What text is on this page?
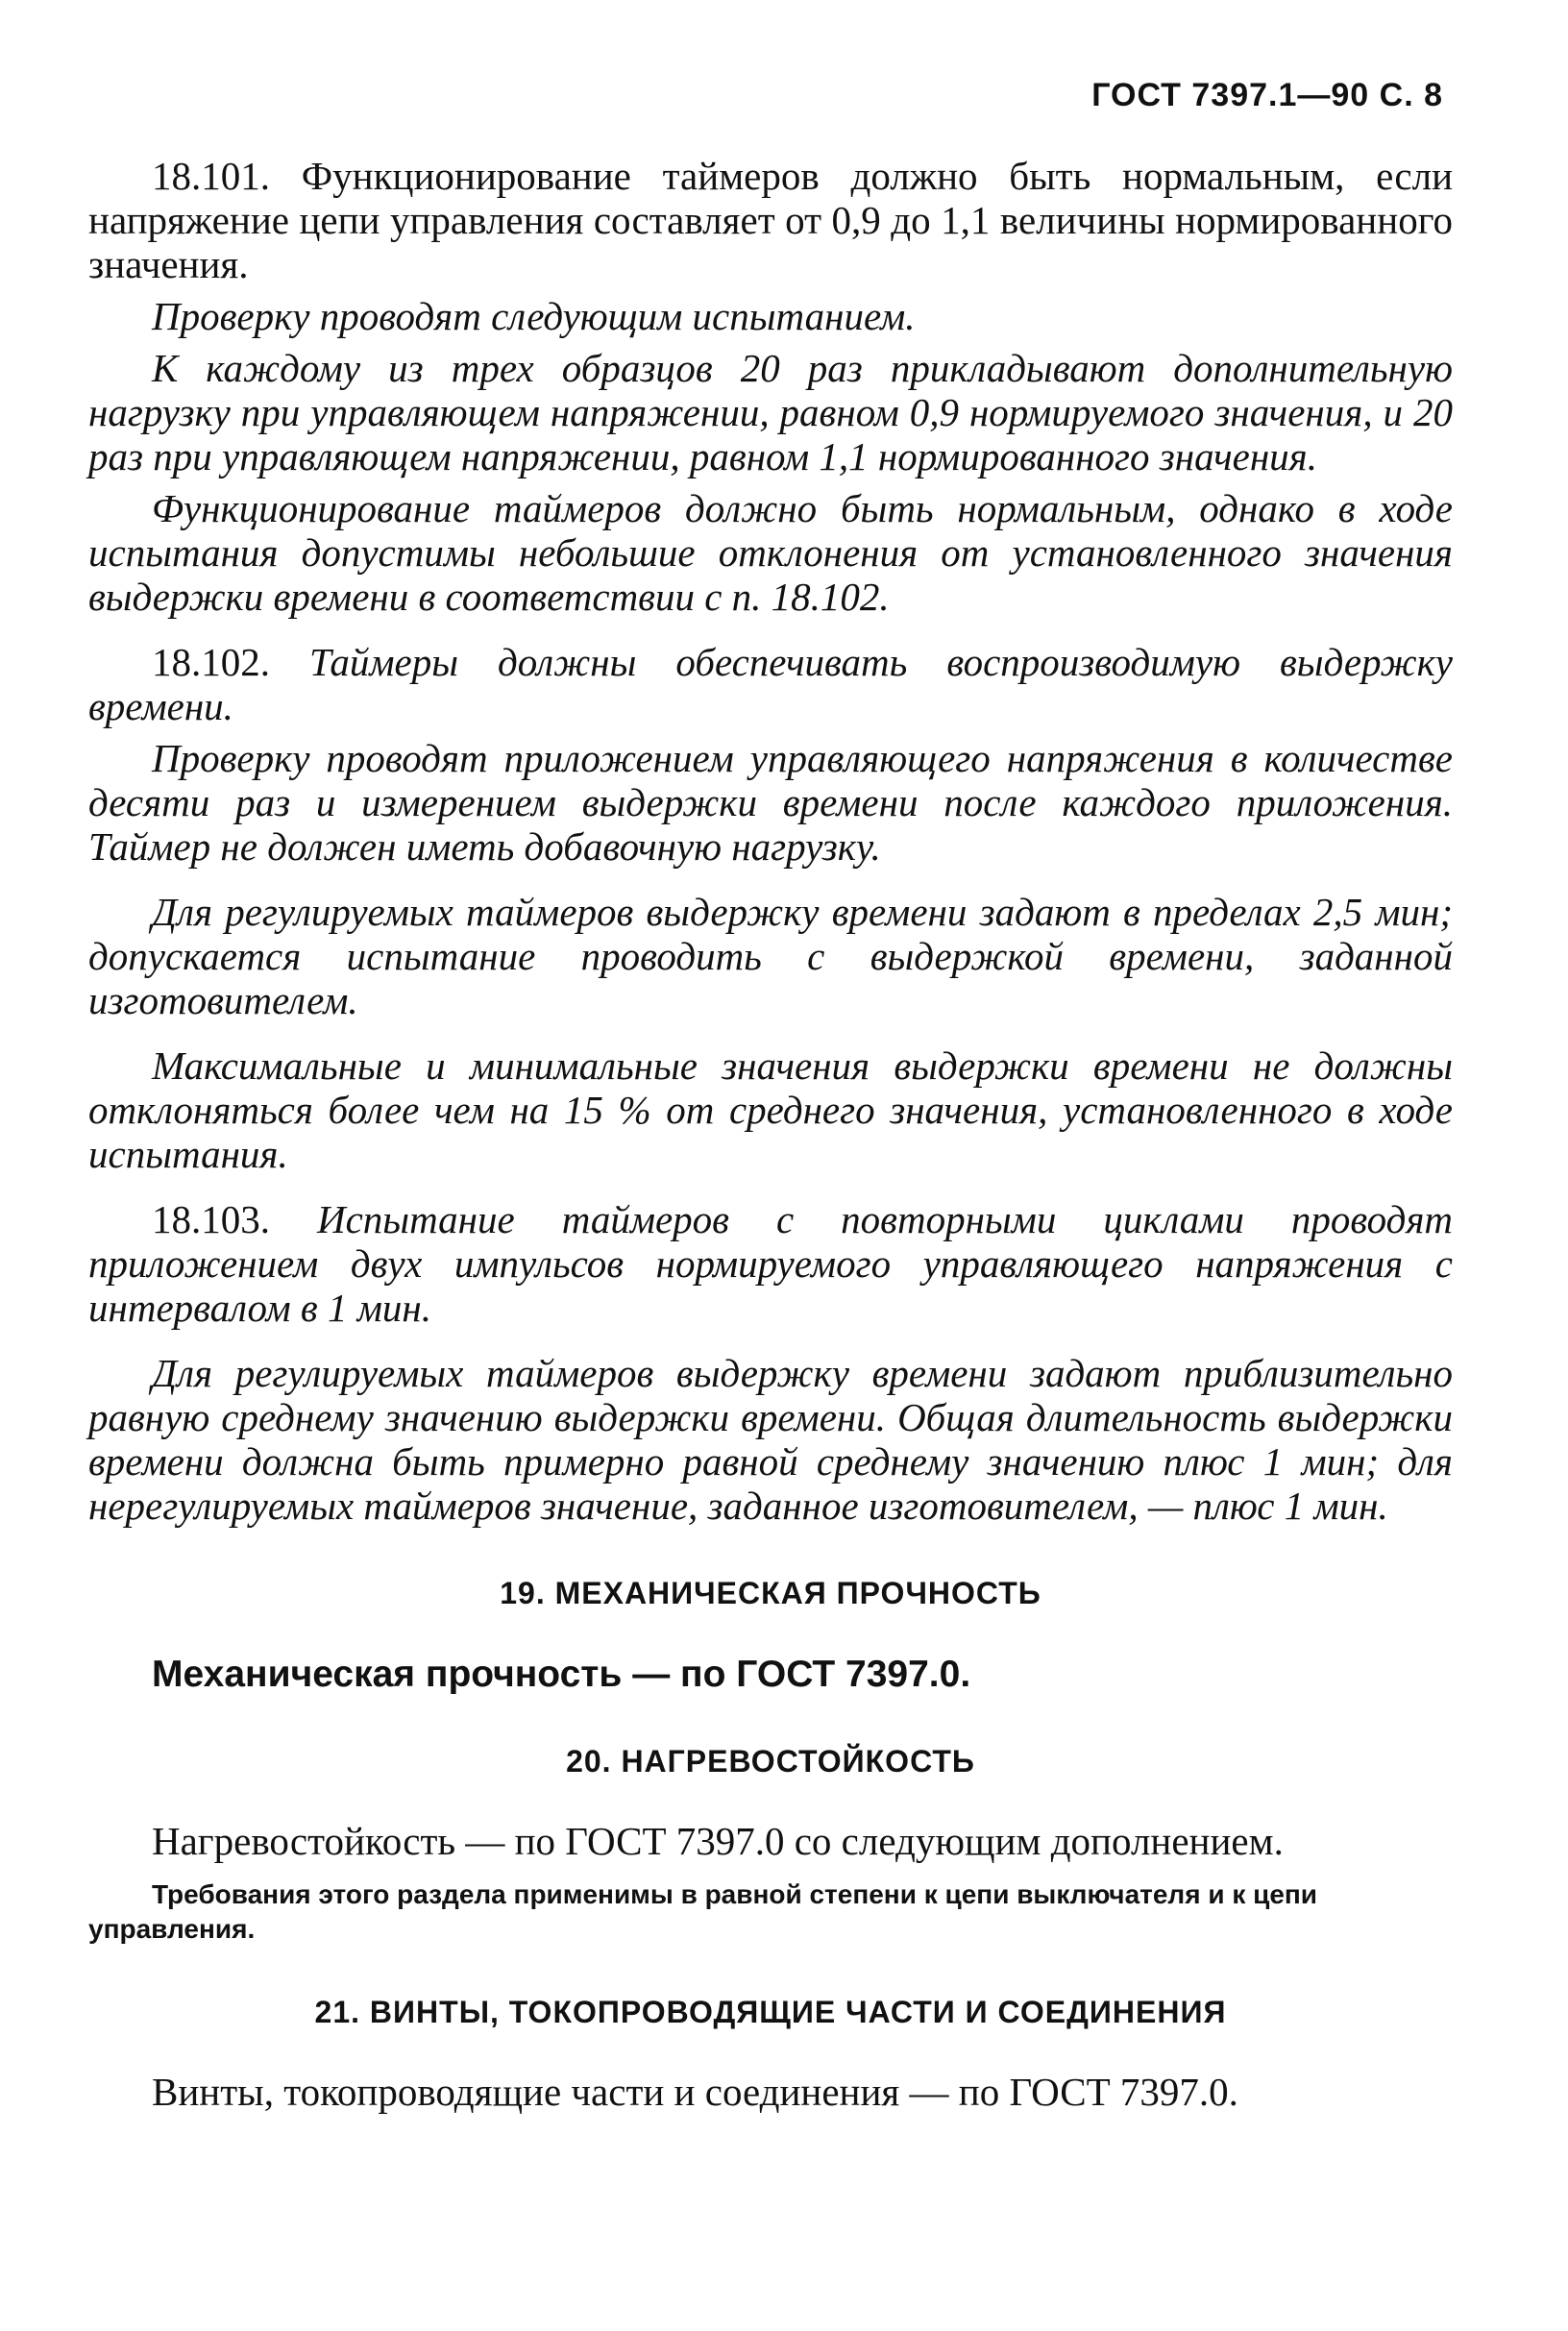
ГОСТ 7397.1—90 С. 8

18.101. Функционирование таймеров должно быть нормальным, если напряжение цепи управления составляет от 0,9 до 1,1 величины нормированного значения.

Проверку проводят следующим испытанием.

К каждому из трех образцов 20 раз прикладывают дополнительную нагрузку при управляющем напряжении, равном 0,9 нормируемого значения, и 20 раз при управляющем напряжении, равном 1,1 нормированного значения.

Функционирование таймеров должно быть нормальным, однако в ходе испытания допустимы небольшие отклонения от установленного значения выдержки времени в соответствии с п. 18.102.

18.102. Таймеры должны обеспечивать воспроизводимую выдержку времени.

Проверку проводят приложением управляющего напряжения в количестве десяти раз и измерением выдержки времени после каждого приложения. Таймер не должен иметь добавочную нагрузку.

Для регулируемых таймеров выдержку времени задают в пределах 2,5 мин; допускается испытание проводить с выдержкой времени, заданной изготовителем.

Максимальные и минимальные значения выдержки времени не должны отклоняться более чем на 15 % от среднего значения, установленного в ходе испытания.

18.103. Испытание таймеров с повторными циклами проводят приложением двух импульсов нормируемого управляющего напряжения с интервалом в 1 мин.

Для регулируемых таймеров выдержку времени задают приблизительно равную среднему значению выдержки времени. Общая длительность выдержки времени должна быть примерно равной среднему значению плюс 1 мин; для нерегулируемых таймеров значение, заданное изготовителем, — плюс 1 мин.

19. МЕХАНИЧЕСКАЯ ПРОЧНОСТЬ
Механическая прочность — по ГОСТ 7397.0.
20. НАГРЕВОСТОЙКОСТЬ
Нагревостойкость — по ГОСТ 7397.0 со следующим дополнением.
Требования этого раздела применимы в равной степени к цепи выключателя и к цепи управления.
21. ВИНТЫ, ТОКОПРОВОДЯЩИЕ ЧАСТИ И СОЕДИНЕНИЯ
Винты, токопроводящие части и соединения — по ГОСТ 7397.0.
